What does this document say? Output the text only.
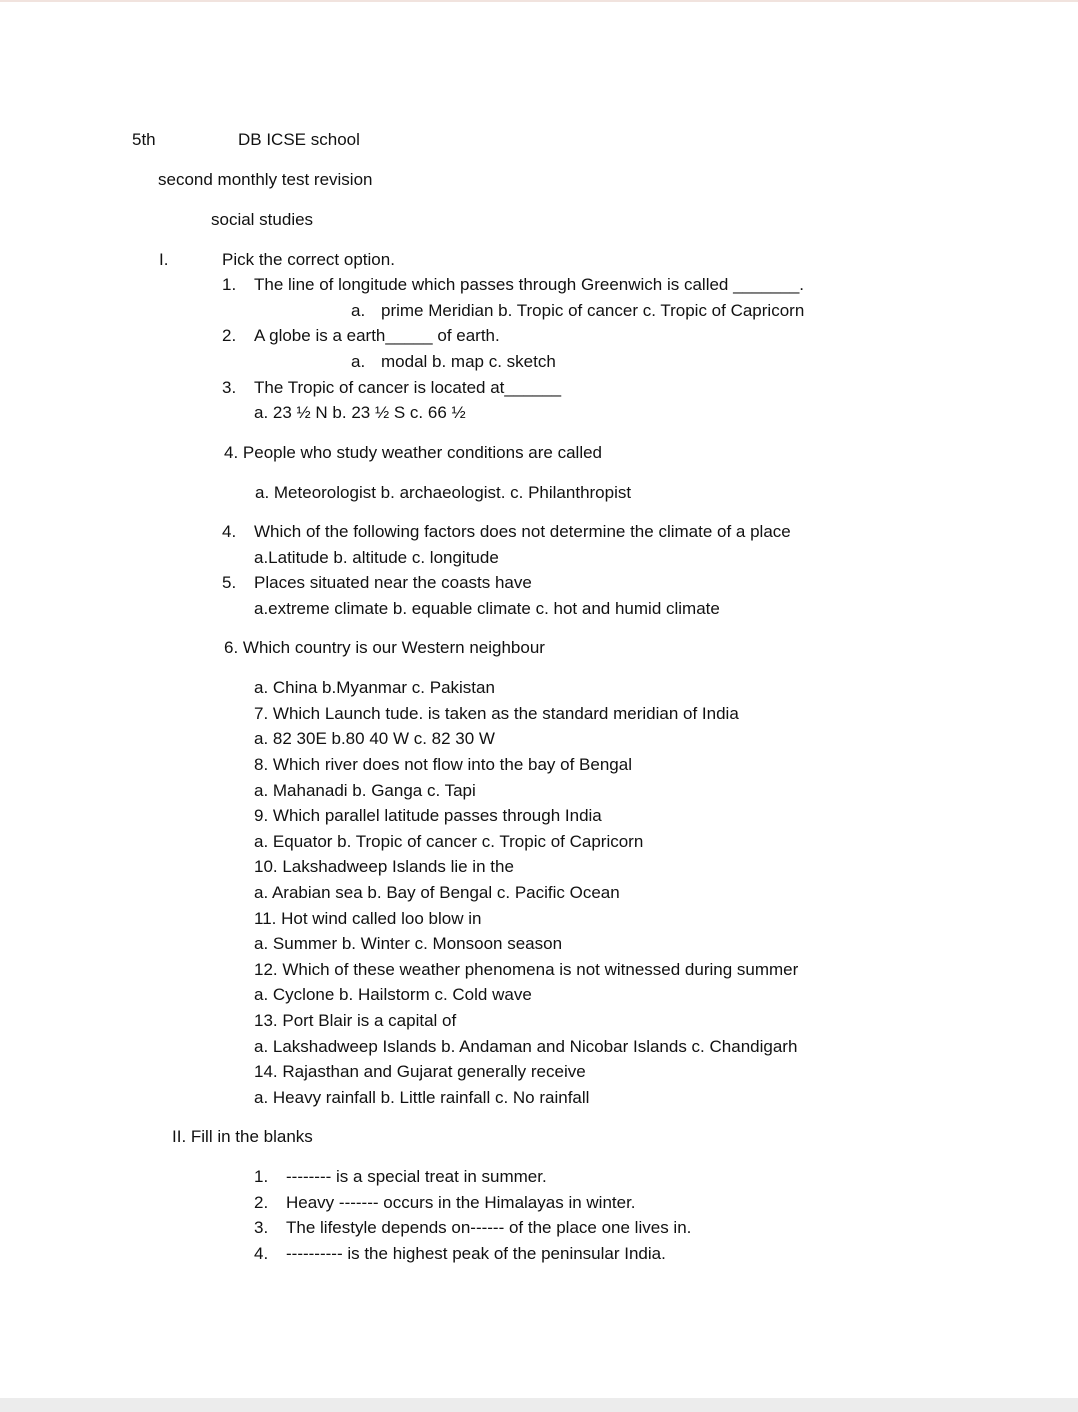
5th	DB ICSE school
second monthly test revision
social studies
I.	Pick the correct option.
1. The line of longitude which passes through Greenwich is called _______.
a. prime Meridian b. Tropic of cancer c. Tropic of Capricorn
2. A globe is a earth_____ of earth.
a. modal b. map c. sketch
3. The Tropic of cancer is located at______
a. 23 ½ N b. 23 ½ S c. 66 ½
4. People who study weather conditions are called
a. Meteorologist b. archaeologist. c. Philanthropist
4. Which of the following factors does not determine the climate of a place
a.Latitude b. altitude c. longitude
5. Places situated near the coasts have
a.extreme climate b. equable climate c. hot and humid climate
6. Which country is our Western neighbour
a. China b.Myanmar c. Pakistan
7. Which Launch tude. is taken as the standard meridian of India
a. 82 30E b.80 40 W c. 82 30 W
8. Which river does not flow into the bay of Bengal
a. Mahanadi b. Ganga c. Tapi
9. Which parallel latitude passes through India
a. Equator b. Tropic of cancer c. Tropic of Capricorn
10. Lakshadweep Islands lie in the
a. Arabian sea b. Bay of Bengal c. Pacific Ocean
11. Hot wind called loo blow in
a. Summer b. Winter c. Monsoon season
12. Which of these weather phenomena is not witnessed during summer
a. Cyclone b. Hailstorm c. Cold wave
13. Port Blair is a capital of
a. Lakshadweep Islands b. Andaman and Nicobar Islands c. Chandigarh
14. Rajasthan and Gujarat generally receive
a. Heavy rainfall b. Little rainfall c. No rainfall
II. Fill in the blanks
1. -------- is a special treat in summer.
2. Heavy ------- occurs in the Himalayas in winter.
3. The lifestyle depends on------ of the place one lives in.
4. ---------- is the highest peak of the peninsular India.
